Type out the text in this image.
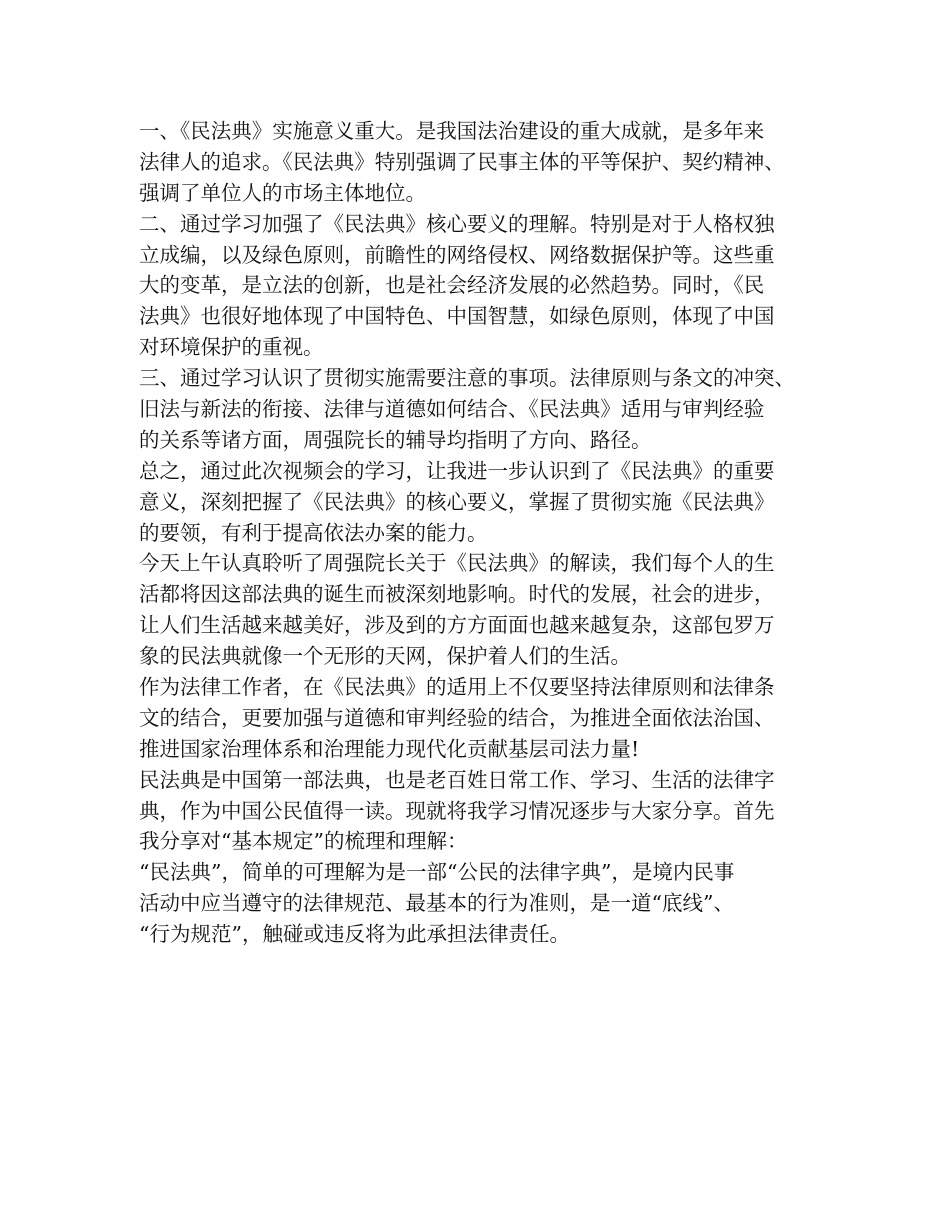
一、《民法典》实施意义重大。是我国法治建设的重大成就，是多年来
法律人的追求。《民法典》特别强调了民事主体的平等保护、契约精神、
强调了单位人的市场主体地位。
二、通过学习加强了《民法典》核心要义的理解。特别是对于人格权独
立成编，以及绿色原则，前瞻性的网络侵权、网络数据保护等。这些重
大的变革，是立法的创新，也是社会经济发展的必然趋势。同时，《民
法典》也很好地体现了中国特色、中国智慧，如绿色原则，体现了中国
对环境保护的重视。
三、通过学习认识了贯彻实施需要注意的事项。法律原则与条文的冲突、
旧法与新法的衔接、法律与道德如何结合、《民法典》适用与审判经验
的关系等诸方面，周强院长的辅导均指明了方向、路径。
总之，通过此次视频会的学习，让我进一步认识到了《民法典》的重要
意义，深刻把握了《民法典》的核心要义，掌握了贯彻实施《民法典》
的要领，有利于提高依法办案的能力。
今天上午认真聆听了周强院长关于《民法典》的解读，我们每个人的生
活都将因这部法典的诞生而被深刻地影响。时代的发展，社会的进步，
让人们生活越来越美好，涉及到的方方面面也越来越复杂，这部包罗万
象的民法典就像一个无形的天网，保护着人们的生活。
作为法律工作者，在《民法典》的适用上不仅要坚持法律原则和法律条
文的结合，更要加强与道德和审判经验的结合，为推进全面依法治国、
推进国家治理体系和治理能力现代化贡献基层司法力量!
民法典是中国第一部法典，也是老百姓日常工作、学习、生活的法律字
典，作为中国公民值得一读。现就将我学习情况逐步与大家分享。首先
我分享对“基本规定”的梳理和理解：
“民法典”，简单的可理解为是一部“公民的法律字典”，是境内民事
活动中应当遵守的法律规范、最基本的行为准则，是一道“底线”、
“行为规范”，触碰或违反将为此承担法律责任。
